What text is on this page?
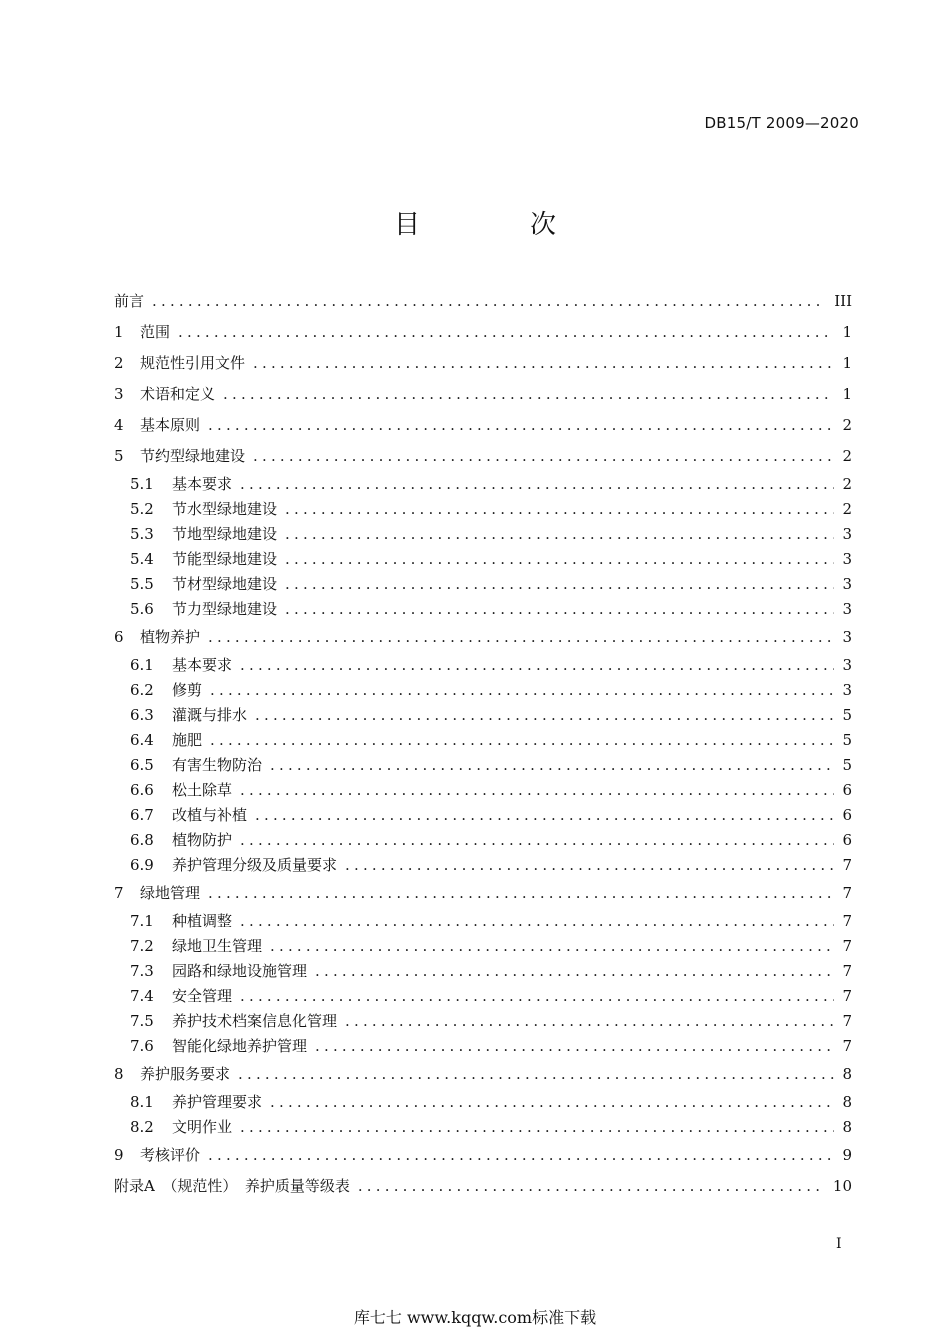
DB15/T 2009—2020
目　次
前言 .....	III
1	范围 .....	1
2	规范性引用文件 .....	1
3	术语和定义 .....	1
4	基本原则 .....	2
5	节约型绿地建设 .....	2
5.1	基本要求 .....	2
5.2	节水型绿地建设 .....	2
5.3	节地型绿地建设 .....	3
5.4	节能型绿地建设 .....	3
5.5	节材型绿地建设 .....	3
5.6	节力型绿地建设 .....	3
6	植物养护 .....	3
6.1	基本要求 .....	3
6.2	修剪 .....	3
6.3	灌溉与排水 .....	5
6.4	施肥 .....	5
6.5	有害生物防治 .....	5
6.6	松土除草 .....	6
6.7	改植与补植 .....	6
6.8	植物防护 .....	6
6.9	养护管理分级及质量要求 .....	7
7	绿地管理 .....	7
7.1	种植调整 .....	7
7.2	绿地卫生管理 .....	7
7.3	园路和绿地设施管理 .....	7
7.4	安全管理 .....	7
7.5	养护技术档案信息化管理 .....	7
7.6	智能化绿地养护管理 .....	7
8	养护服务要求 .....	8
8.1	养护管理要求 .....	8
8.2	文明作业 .....	8
9	考核评价 .....	9
附录A　（规范性）　养护质量等级表 .....	10
I
库七七 www.kqqw.com标准下载
